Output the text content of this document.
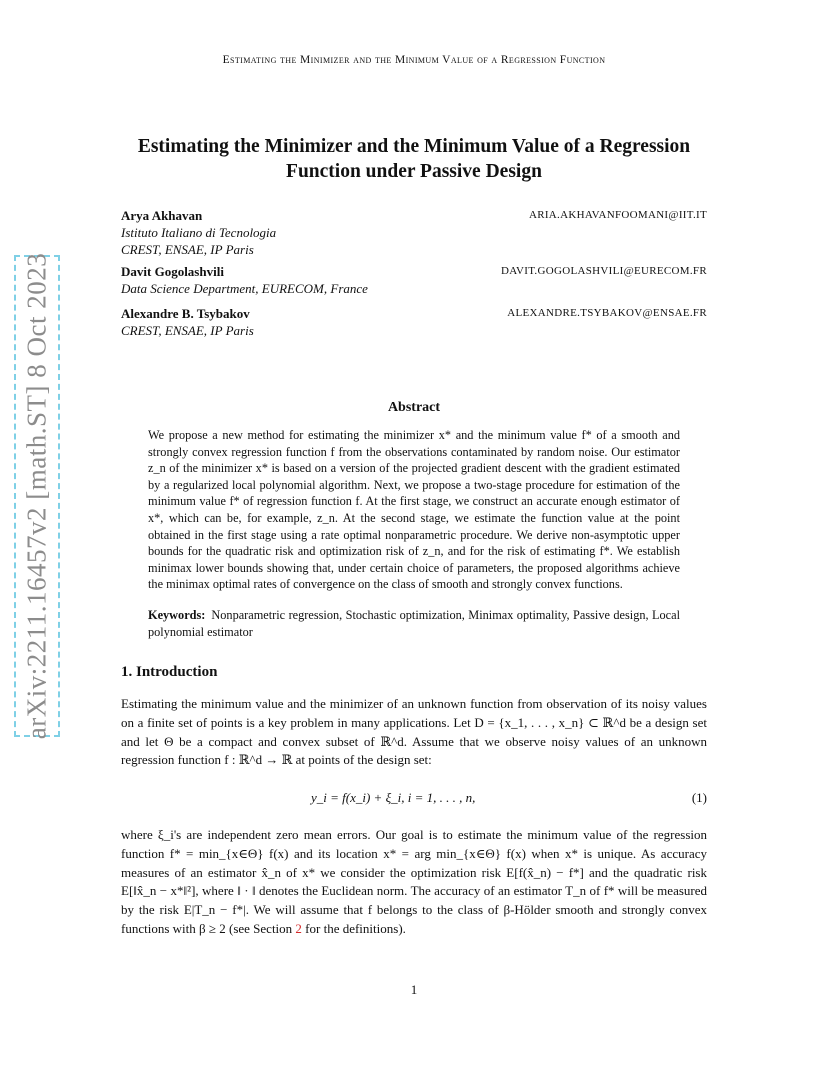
Estimating the Minimizer and the Minimum Value of a Regression Function
arXiv:2211.16457v2 [math.ST] 8 Oct 2023
Estimating the Minimizer and the Minimum Value of a Regression Function under Passive Design
Arya Akhavan	ARIA.AKHAVANFOOMANI@IIT.IT
Istituto Italiano di Tecnologia
CREST, ENSAE, IP Paris
Davit Gogolashvili	DAVIT.GOGOLASHVILI@EURECOM.FR
Data Science Department, EURECOM, France
Alexandre B. Tsybakov	ALEXANDRE.TSYBAKOV@ENSAE.FR
CREST, ENSAE, IP Paris
Abstract
We propose a new method for estimating the minimizer x* and the minimum value f* of a smooth and strongly convex regression function f from the observations contaminated by random noise. Our estimator z_n of the minimizer x* is based on a version of the projected gradient descent with the gradient estimated by a regularized local polynomial algorithm. Next, we propose a two-stage procedure for estimation of the minimum value f* of regression function f. At the first stage, we construct an accurate enough estimator of x*, which can be, for example, z_n. At the second stage, we estimate the function value at the point obtained in the first stage using a rate optimal nonparametric procedure. We derive non-asymptotic upper bounds for the quadratic risk and optimization risk of z_n, and for the risk of estimating f*. We establish minimax lower bounds showing that, under certain choice of parameters, the proposed algorithms achieve the minimax optimal rates of convergence on the class of smooth and strongly convex functions.
Keywords: Nonparametric regression, Stochastic optimization, Minimax optimality, Passive design, Local polynomial estimator
1. Introduction
Estimating the minimum value and the minimizer of an unknown function from observation of its noisy values on a finite set of points is a key problem in many applications. Let D = {x_1, . . . , x_n} ⊂ ℝ^d be a design set and let Θ be a compact and convex subset of ℝ^d. Assume that we observe noisy values of an unknown regression function f : ℝ^d → ℝ at points of the design set:
y_i = f(x_i) + ξ_i, i = 1, . . . , n,	(1)
where ξ_i's are independent zero mean errors. Our goal is to estimate the minimum value of the regression function f* = min_{x∈Θ} f(x) and its location x* = arg min_{x∈Θ} f(x) when x* is unique. As accuracy measures of an estimator x̂_n of x* we consider the optimization risk E[f(x̂_n) − f*] and the quadratic risk E[‖x̂_n − x*‖²], where ‖ · ‖ denotes the Euclidean norm. The accuracy of an estimator T_n of f* will be measured by the risk E|T_n − f*|. We will assume that f belongs to the class of β-Hölder smooth and strongly convex functions with β ≥ 2 (see Section 2 for the definitions).
1
